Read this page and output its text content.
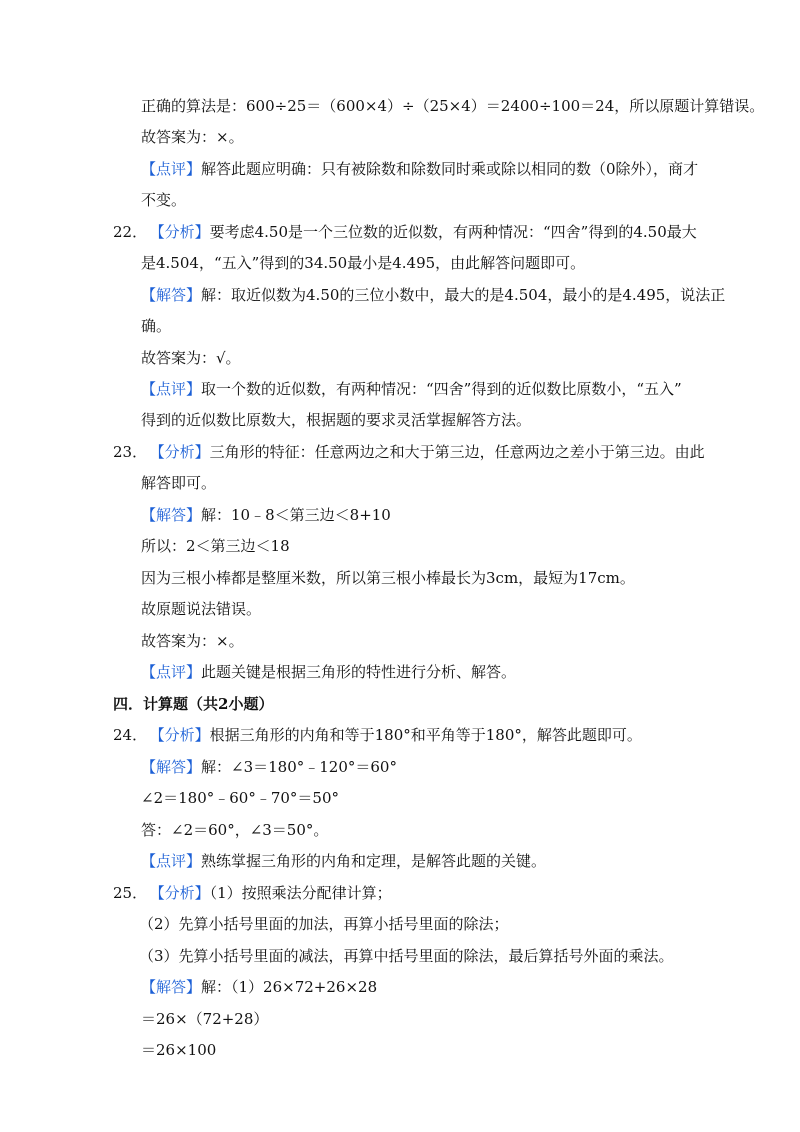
正确的算法是：600÷25＝（600×4）÷（25×4）＝2400÷100＝24，所以原题计算错误。
故答案为：×。
【点评】解答此题应明确：只有被除数和除数同时乘或除以相同的数（0除外），商才
不变。
22． 【分析】要考虑4.50是一个三位数的近似数，有两种情况：“四舍”得到的4.50最大
是4.504，“五入”得到的34.50最小是4.495，由此解答问题即可。
【解答】解：取近似数为4.50的三位小数中，最大的是4.504，最小的是4.495，说法正
确。
故答案为：√。
【点评】取一个数的近似数，有两种情况：“四舍”得到的近似数比原数小，“五入”
得到的近似数比原数大，根据题的要求灵活掌握解答方法。
23． 【分析】三角形的特征：任意两边之和大于第三边，任意两边之差小于第三边。由此
解答即可。
【解答】解：10﹣8＜第三边＜8+10
所以：2＜第三边＜18
因为三根小棒都是整厘米数，所以第三根小棒最长为3cm，最短为17cm。
故原题说法错误。
故答案为：×。
【点评】此题关键是根据三角形的特性进行分析、解答。
四．计算题（共2小题）
24． 【分析】根据三角形的内角和等于180°和平角等于180°，解答此题即可。
【解答】解：∠3＝180°﹣120°＝60°
∠2＝180°﹣60°﹣70°＝50°
答：∠2＝60°，∠3＝50°。
【点评】熟练掌握三角形的内角和定理，是解答此题的关键。
25． 【分析】（1）按照乘法分配律计算；
（2）先算小括号里面的加法，再算小括号里面的除法；
（3）先算小括号里面的减法，再算中括号里面的除法，最后算括号外面的乘法。
【解答】解：（1）26×72+26×28
＝26×（72+28）
＝26×100
